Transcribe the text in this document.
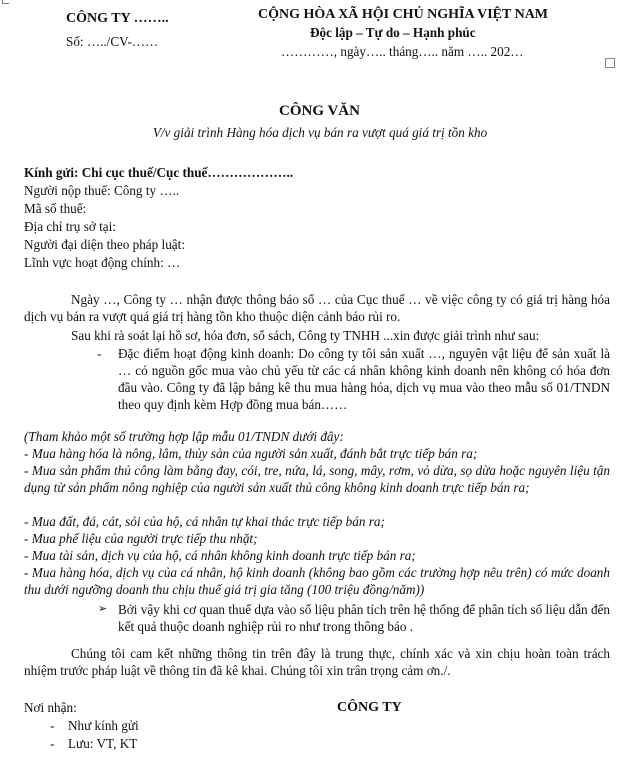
CÔNG TY ……..
Số: …../CV-……
CỘNG HÒA XÃ HỘI CHỦ NGHĨA VIỆT NAM
Độc lập – Tự do – Hạnh phúc
…………, ngày….. tháng….. năm ….. 202…
CÔNG VĂN
V/v giải trình Hàng hóa dịch vụ bán ra vượt quá giá trị tồn kho
Kính gửi: Chi cục thuế/Cục thuế………………..
Người nộp thuế: Công ty …..
Mã số thuế:
Địa chỉ trụ sở tại:
Người đại diện theo pháp luật:
Lĩnh vực hoạt động chính: …
Ngày …, Công ty … nhận được thông báo số … của Cục thuế … về việc công ty có giá trị hàng hóa dịch vụ bán ra vượt quá giá trị hàng tồn kho thuộc diện cảnh báo rủi ro.
Sau khi rà soát lại hồ sơ, hóa đơn, sổ sách, Công ty TNHH ...xin được giải trình như sau:
- Đặc điểm hoạt động kinh doanh: Do công ty tôi sản xuất …, nguyên vật liệu để sản xuất là … có nguồn gốc mua vào chủ yếu từ các cá nhân không kinh doanh nên không có hóa đơn đầu vào. Công ty đã lập bảng kê thu mua hàng hóa, dịch vụ mua vào theo mẫu số 01/TNDN theo quy định kèm Hợp đồng mua bán……
(Tham khảo một số trường hợp lập mẫu 01/TNDN dưới đây:
- Mua hàng hóa là nông, lâm, thủy sản của người sản xuất, đánh bắt trực tiếp bán ra;
- Mua sản phẩm thủ công làm bằng đay, cói, tre, nứa, lá, song, mây, rơm, vỏ dừa, sọ dừa hoặc nguyên liệu tận dụng từ sản phẩm nông nghiệp của người sản xuất thủ công không kinh doanh trực tiếp bán ra;
- Mua đất, đá, cát, sỏi của hộ, cá nhân tự khai thác trực tiếp bán ra;
- Mua phế liệu của người trực tiếp thu nhặt;
- Mua tài sản, dịch vụ của hộ, cá nhân không kinh doanh trực tiếp bán ra;
- Mua hàng hóa, dịch vụ của cá nhân, hộ kinh doanh (không bao gồm các trường hợp nêu trên) có mức doanh thu dưới ngưỡng doanh thu chịu thuế giá trị gia tăng (100 triệu đồng/năm))
➢ Bởi vậy khi cơ quan thuế dựa vào số liệu phân tích trên hệ thống để phân tích số liệu dẫn đến kết quả thuộc doanh nghiệp rủi ro như trong thông báo .
Chúng tôi cam kết những thông tin trên đây là trung thực, chính xác và xin chịu hoàn toàn trách nhiệm trước pháp luật về thông tin đã kê khai. Chúng tôi xin trân trọng cảm ơn./.
Nơi nhận:
- Như kính gửi
- Lưu: VT, KT
CÔNG TY
